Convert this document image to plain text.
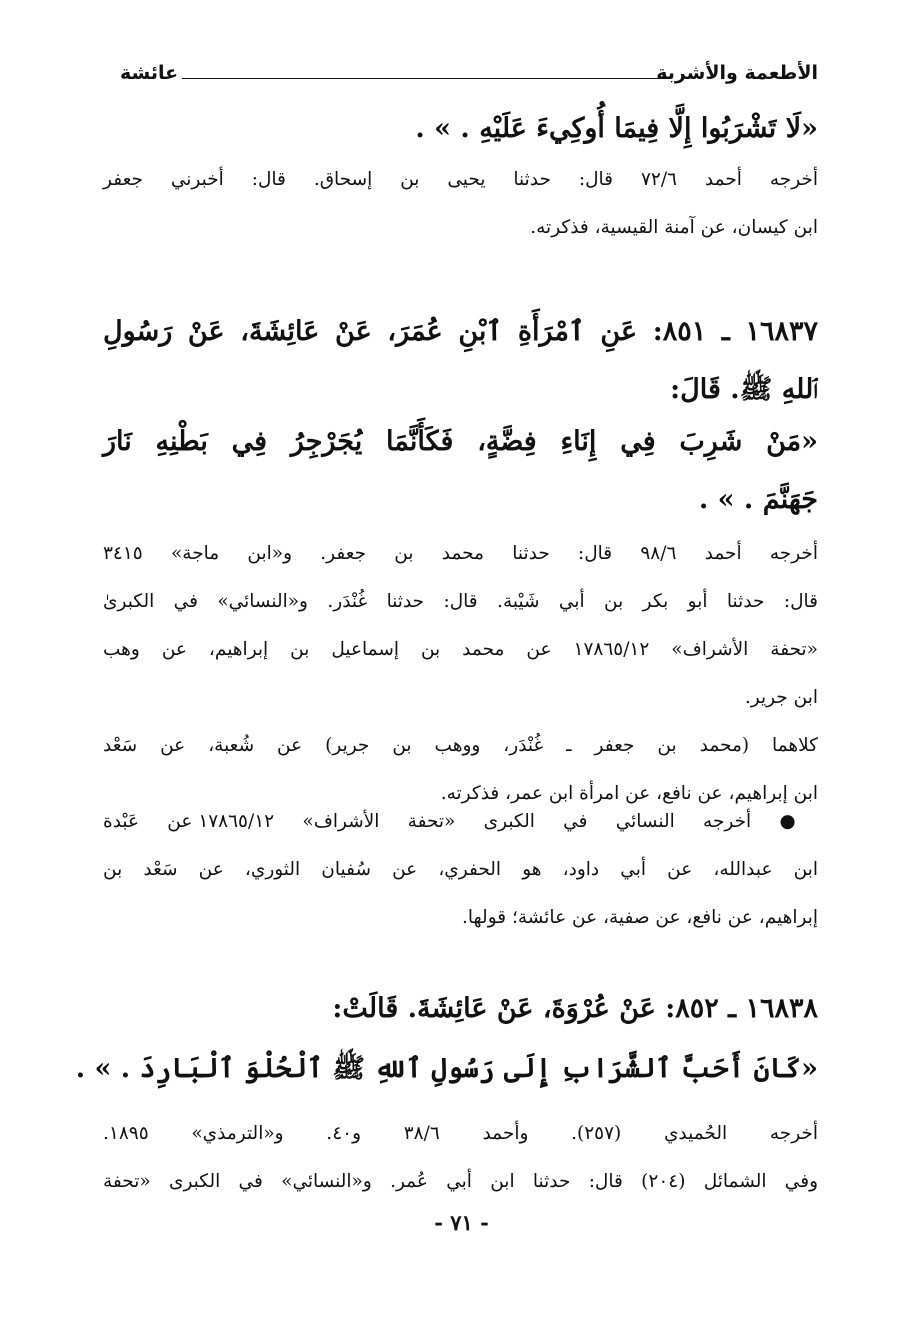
الأطعمة والأشربة
عائشة
«لَا تَشْرَبُوا إِلَّا فِيمَا أُوكِيءَ عَلَيْهِ . » .
أخرجه أحمد ٧٢/٦ قال: حدثنا يحيى بن إسحاق. قال: أخبرني جعفر
ابن كيسان، عن آمنة القيسية، فذكرته.
١٦٨٣٧ ـ ٨٥١: عَنِ ٱمْرَأَةِ ٱبْنِ عُمَرَ، عَنْ عَائِشَةَ، عَنْ رَسُولِ
ٱللهِ ﷺ. قَالَ:
«مَنْ شَرِبَ فِي إِنَاءِ فِضَّةٍ، فَكَأَنَّمَا يُجَرْجِرُ فِي بَطْنِهِ نَارَ
جَهَنَّمَ . » .
أخرجه أحمد ٩٨/٦ قال: حدثنا محمد بن جعفر. و«ابن ماجة» ٣٤١٥
قال: حدثنا أبو بكر بن أبي شَيْبة. قال: حدثنا غُنْدَر. و«النسائي» في الكبرىٰ
«تحفة الأشراف» ١٧٨٦٥/١٢ عن محمد بن إسماعيل بن إبراهيم، عن وهب
ابن جرير.
كلاهما (محمد بن جعفر ـ غُنْدَر، ووهب بن جرير) عن شُعبة، عن سَعْد
ابن إبراهيم، عن نافع، عن امرأة ابن عمر، فذكرته.
● أخرجه النسائي في الكبرى «تحفة الأشراف» ١٧٨٦٥/١٢ عن عَبْدة
ابن عبدالله، عن أبي داود، هو الحفري، عن سُفيان الثوري، عن سَعْد بن
إبراهيم، عن نافع، عن صفية، عن عائشة؛ قولها.
١٦٨٣٨ ـ ٨٥٢: عَنْ عُرْوَةَ، عَنْ عَائِشَةَ. قَالَتْ:
«كَانَ أَحَبَّ ٱلشَّرَابِ إِلَى رَسُولِ ٱللهِ ﷺ ٱلْحُلْوَ ٱلْبَارِدَ . » .
أخرجه الحُميدي (٢٥٧). وأحمد ٣٨/٦ و٤٠. و«الترمذي» ١٨٩٥.
وفي الشمائل (٢٠٤) قال: حدثنا ابن أبي عُمر. و«النسائي» في الكبرى «تحفة
- ٧١ -
